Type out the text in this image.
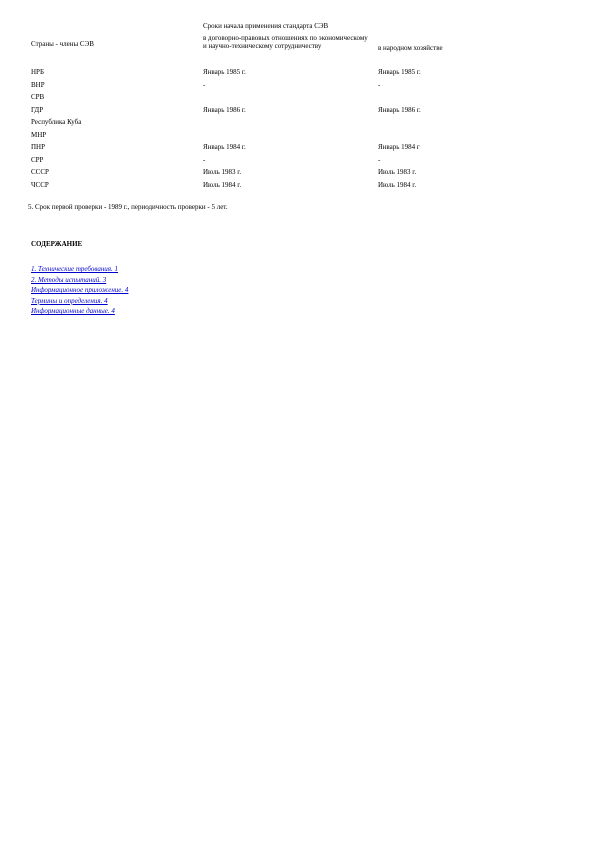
Сроки начала применения стандарта СЭВ
Страны - члены СЭВ
в договорно-правовых отношениях по экономическому и научно-техническому сотрудничеству	в народном хозяйстве
НРБ	Январь 1985 г.	Январь 1985 г.
ВНР	-	-
СРВ
ГДР	Январь 1986 г.	Январь 1986 г.
Республика Куба
МНР
ПНР	Январь 1984 г.	Январь 1984 г
СРР	-	-
СССР	Июль 1983 г.	Июль 1983 г.
ЧССР	Июль 1984 г.	Июль 1984 г.
5. Срок первой проверки - 1989 г., периодичность проверки - 5 лет.
СОДЕРЖАНИЕ
1. Технические требования. 1
2. Методы испытаний. 3
Информационное приложение. 4
Термины и определения. 4
Информационные данные. 4
